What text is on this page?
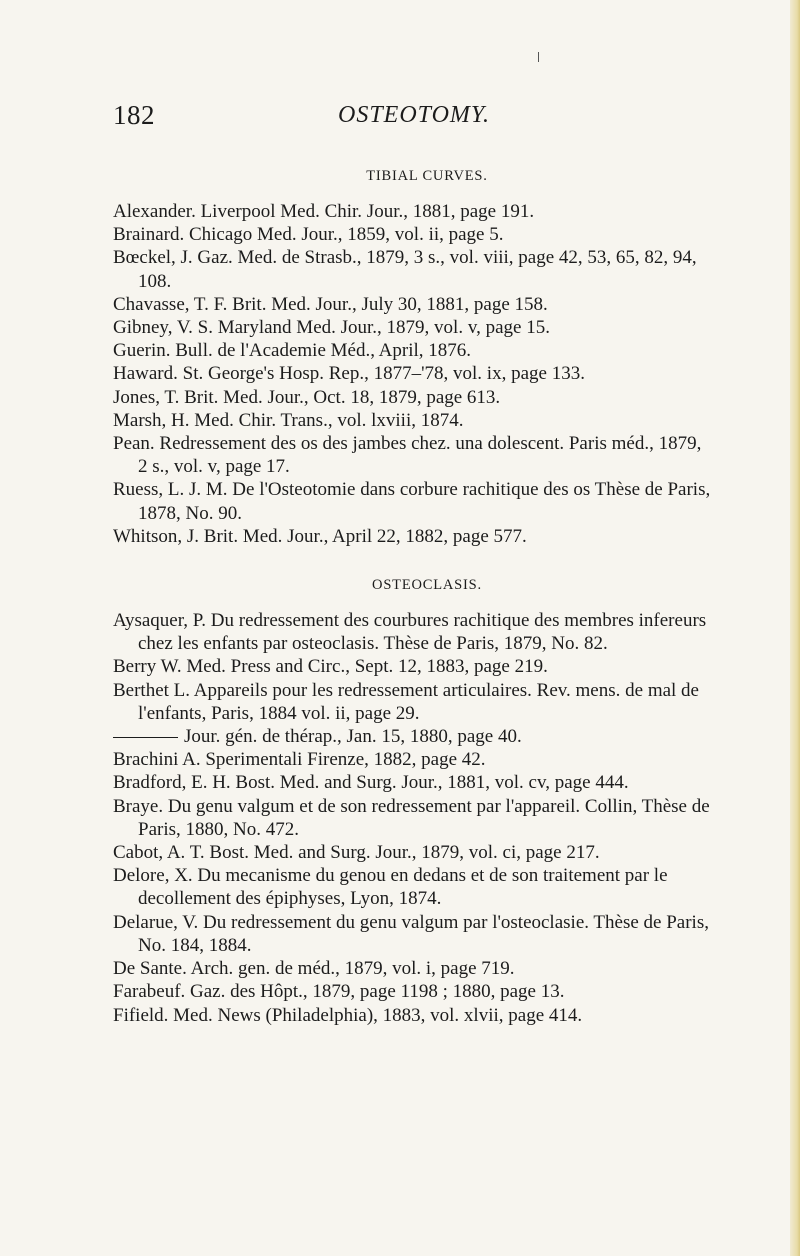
182	OSTEOTOMY.
TIBIAL CURVES.
Alexander. Liverpool Med. Chir. Jour., 1881, page 191.
Brainard. Chicago Med. Jour., 1859, vol. ii, page 5.
Bœckel, J. Gaz. Med. de Strasb., 1879, 3 s., vol. viii, page 42, 53, 65, 82, 94, 108.
Chavasse, T. F. Brit. Med. Jour., July 30, 1881, page 158.
Gibney, V. S. Maryland Med. Jour., 1879, vol. v, page 15.
Guerin. Bull. de l'Academie Méd., April, 1876.
Haward. St. George's Hosp. Rep., 1877–'78, vol. ix, page 133.
Jones, T. Brit. Med. Jour., Oct. 18, 1879, page 613.
Marsh, H. Med. Chir. Trans., vol. lxviii, 1874.
Pean. Redressement des os des jambes chez. una dolescent. Paris méd., 1879, 2 s., vol. v, page 17.
Ruess, L. J. M. De l'Osteotomie dans corbure rachitique des os Thèse de Paris, 1878, No. 90.
Whitson, J. Brit. Med. Jour., April 22, 1882, page 577.
OSTEOCLASIS.
Aysaquer, P. Du redressement des courbures rachitique des membres infereurs chez les enfants par osteoclasis. Thèse de Paris, 1879, No. 82.
Berry W. Med. Press and Circ., Sept. 12, 1883, page 219.
Berthet L. Appareils pour les redressement articulaires. Rev. mens. de mal de l'enfants, Paris, 1884 vol. ii, page 29.
Jour. gén. de thérap., Jan. 15, 1880, page 40.
Brachini A. Sperimentali Firenze, 1882, page 42.
Bradford, E. H. Bost. Med. and Surg. Jour., 1881, vol. cv, page 444.
Braye. Du genu valgum et de son redressement par l'appareil. Collin, Thèse de Paris, 1880, No. 472.
Cabot, A. T. Bost. Med. and Surg. Jour., 1879, vol. ci, page 217.
Delore, X. Du mecanisme du genou en dedans et de son traitement par le decollement des épiphyses, Lyon, 1874.
Delarue, V. Du redressement du genu valgum par l'osteoclasie. Thèse de Paris, No. 184, 1884.
De Sante. Arch. gen. de méd., 1879, vol. i, page 719.
Farabeuf. Gaz. des Hôpt., 1879, page 1198 ; 1880, page 13.
Fifield. Med. News (Philadelphia), 1883, vol. xlvii, page 414.
